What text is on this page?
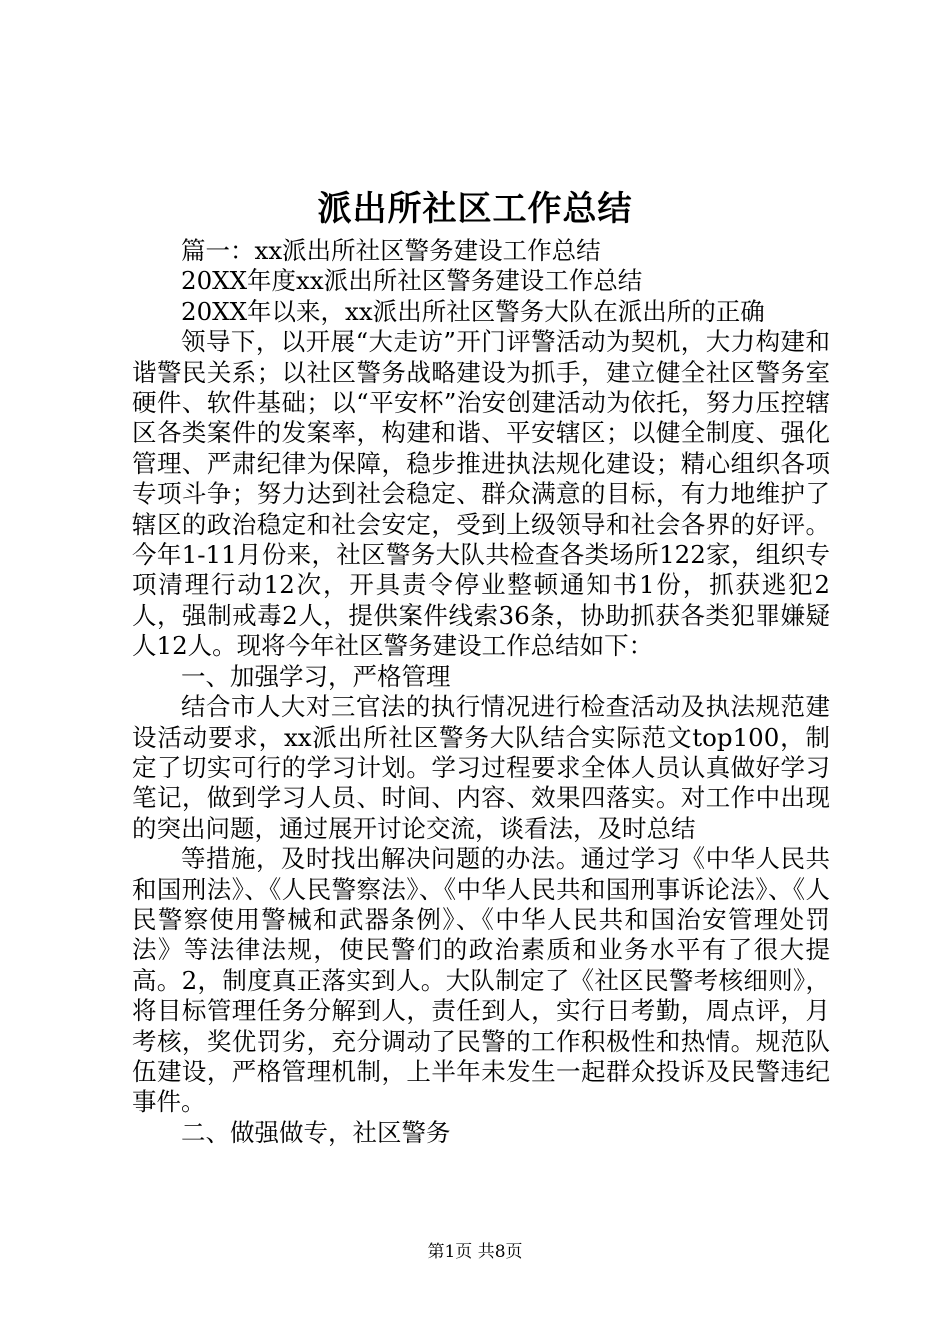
派出所社区工作总结

篇一：xx派出所社区警务建设工作总结

20XX年度xx派出所社区警务建设工作总结

20XX年以来，xx派出所社区警务大队在派出所的正确

领导下，以开展“大走访”开门评警活动为契机，大力构建和谐警民关系；以社区警务战略建设为抓手，建立健全社区警务室硬件、软件基础；以“平安杯”治安创建活动为依托，努力压控辖区各类案件的发案率，构建和谐、平安辖区；以健全制度、强化管理、严肃纪律为保障，稳步推进执法规化建设；精心组织各项专项斗争；努力达到社会稳定、群众满意的目标，有力地维护了辖区的政治稳定和社会安定，受到上级领导和社会各界的好评。今年1-11月份来，社区警务大队共检查各类场所122家，组织专项清理行动12次，开具责令停业整顿通知书1份，抓获逃犯2人，强制戒毒2人，提供案件线索36条，协助抓获各类犯罪嫌疑人12人。现将今年社区警务建设工作总结如下：

一、加强学习，严格管理

结合市人大对三官法的执行情况进行检查活动及执法规范建设活动要求，xx派出所社区警务大队结合实际范文top100，制定了切实可行的学习计划。学习过程要求全体人员认真做好学习笔记，做到学习人员、时间、内容、效果四落实。对工作中出现的突出问题，通过展开讨论交流，谈看法，及时总结

等措施，及时找出解决问题的办法。通过学习《中华人民共和国刑法》、《人民警察法》、《中华人民共和国刑事诉论法》、《人民警察使用警械和武器条例》、《中华人民共和国治安管理处罚法》等法律法规，使民警们的政治素质和业务水平有了很大提高。2，制度真正落实到人。大队制定了《社区民警考核细则》，将目标管理任务分解到人，责任到人，实行日考勤，周点评，月考核，奖优罚劣，充分调动了民警的工作积极性和热情。规范队伍建设，严格管理机制，上半年未发生一起群众投诉及民警违纪事件。

二、做强做专，社区警务

第1页 共8页
